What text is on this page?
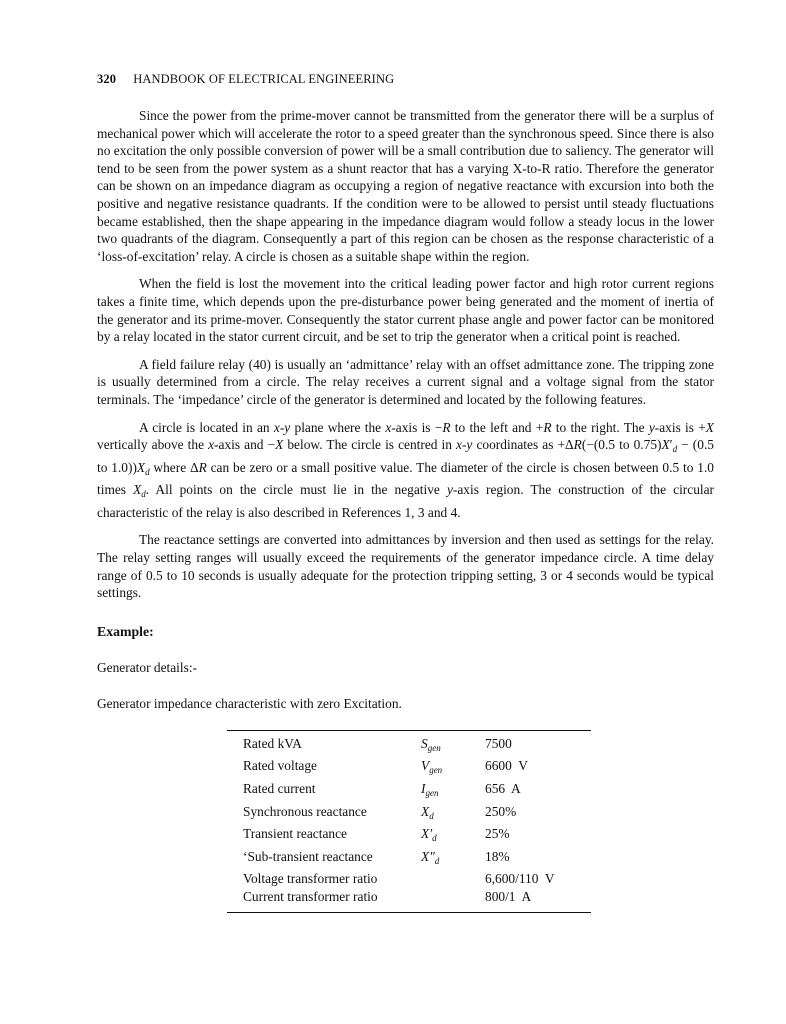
320 HANDBOOK OF ELECTRICAL ENGINEERING

Since the power from the prime-mover cannot be transmitted from the generator there will be a surplus of mechanical power which will accelerate the rotor to a speed greater than the synchronous speed. Since there is also no excitation the only possible conversion of power will be a small contribution due to saliency. The generator will tend to be seen from the power system as a shunt reactor that has a varying X-to-R ratio. Therefore the generator can be shown on an impedance diagram as occupying a region of negative reactance with excursion into both the positive and negative resistance quadrants. If the condition were to be allowed to persist until steady fluctuations became established, then the shape appearing in the impedance diagram would follow a steady locus in the lower two quadrants of the diagram. Consequently a part of this region can be chosen as the response characteristic of a ‘loss-of-excitation’ relay. A circle is chosen as a suitable shape within the region.

When the field is lost the movement into the critical leading power factor and high rotor current regions takes a finite time, which depends upon the pre-disturbance power being generated and the moment of inertia of the generator and its prime-mover. Consequently the stator current phase angle and power factor can be monitored by a relay located in the stator current circuit, and be set to trip the generator when a critical point is reached.

A field failure relay (40) is usually an ‘admittance’ relay with an offset admittance zone. The tripping zone is usually determined from a circle. The relay receives a current signal and a voltage signal from the stator terminals. The ‘impedance’ circle of the generator is determined and located by the following features.

A circle is located in an x-y plane where the x-axis is −R to the left and +R to the right. The y-axis is +X vertically above the x-axis and −X below. The circle is centred in x-y coordinates as +ΔR(−(0.5 to $0.75)X'_d - (0.5$ to $1.0))X_d$ where ΔR can be zero or a small positive value. The diameter of the circle is chosen between 0.5 to 1.0 times $X_d$. All points on the circle must lie in the negative y-axis region. The construction of the circular characteristic of the relay is also described in References 1, 3 and 4.

The reactance settings are converted into admittances by inversion and then used as settings for the relay. The relay setting ranges will usually exceed the requirements of the generator impedance circle. A time delay range of 0.5 to 10 seconds is usually adequate for the protection tripping setting, 3 or 4 seconds would be typical settings.

Example:
Generator details:-
Generator impedance characteristic with zero Excitation.
Rated kVA	$S_{gen}$	7500
Rated voltage	$V_{gen}$	6600  V
Rated current	$I_{gen}$	656  A
Synchronous reactance	$X_d$	250%
Transient reactance	$X'_d$	25%
‘Sub-transient reactance	$X''_d$	18%
Voltage transformer ratio		6,600/110  V
Current transformer ratio		800/1  A
